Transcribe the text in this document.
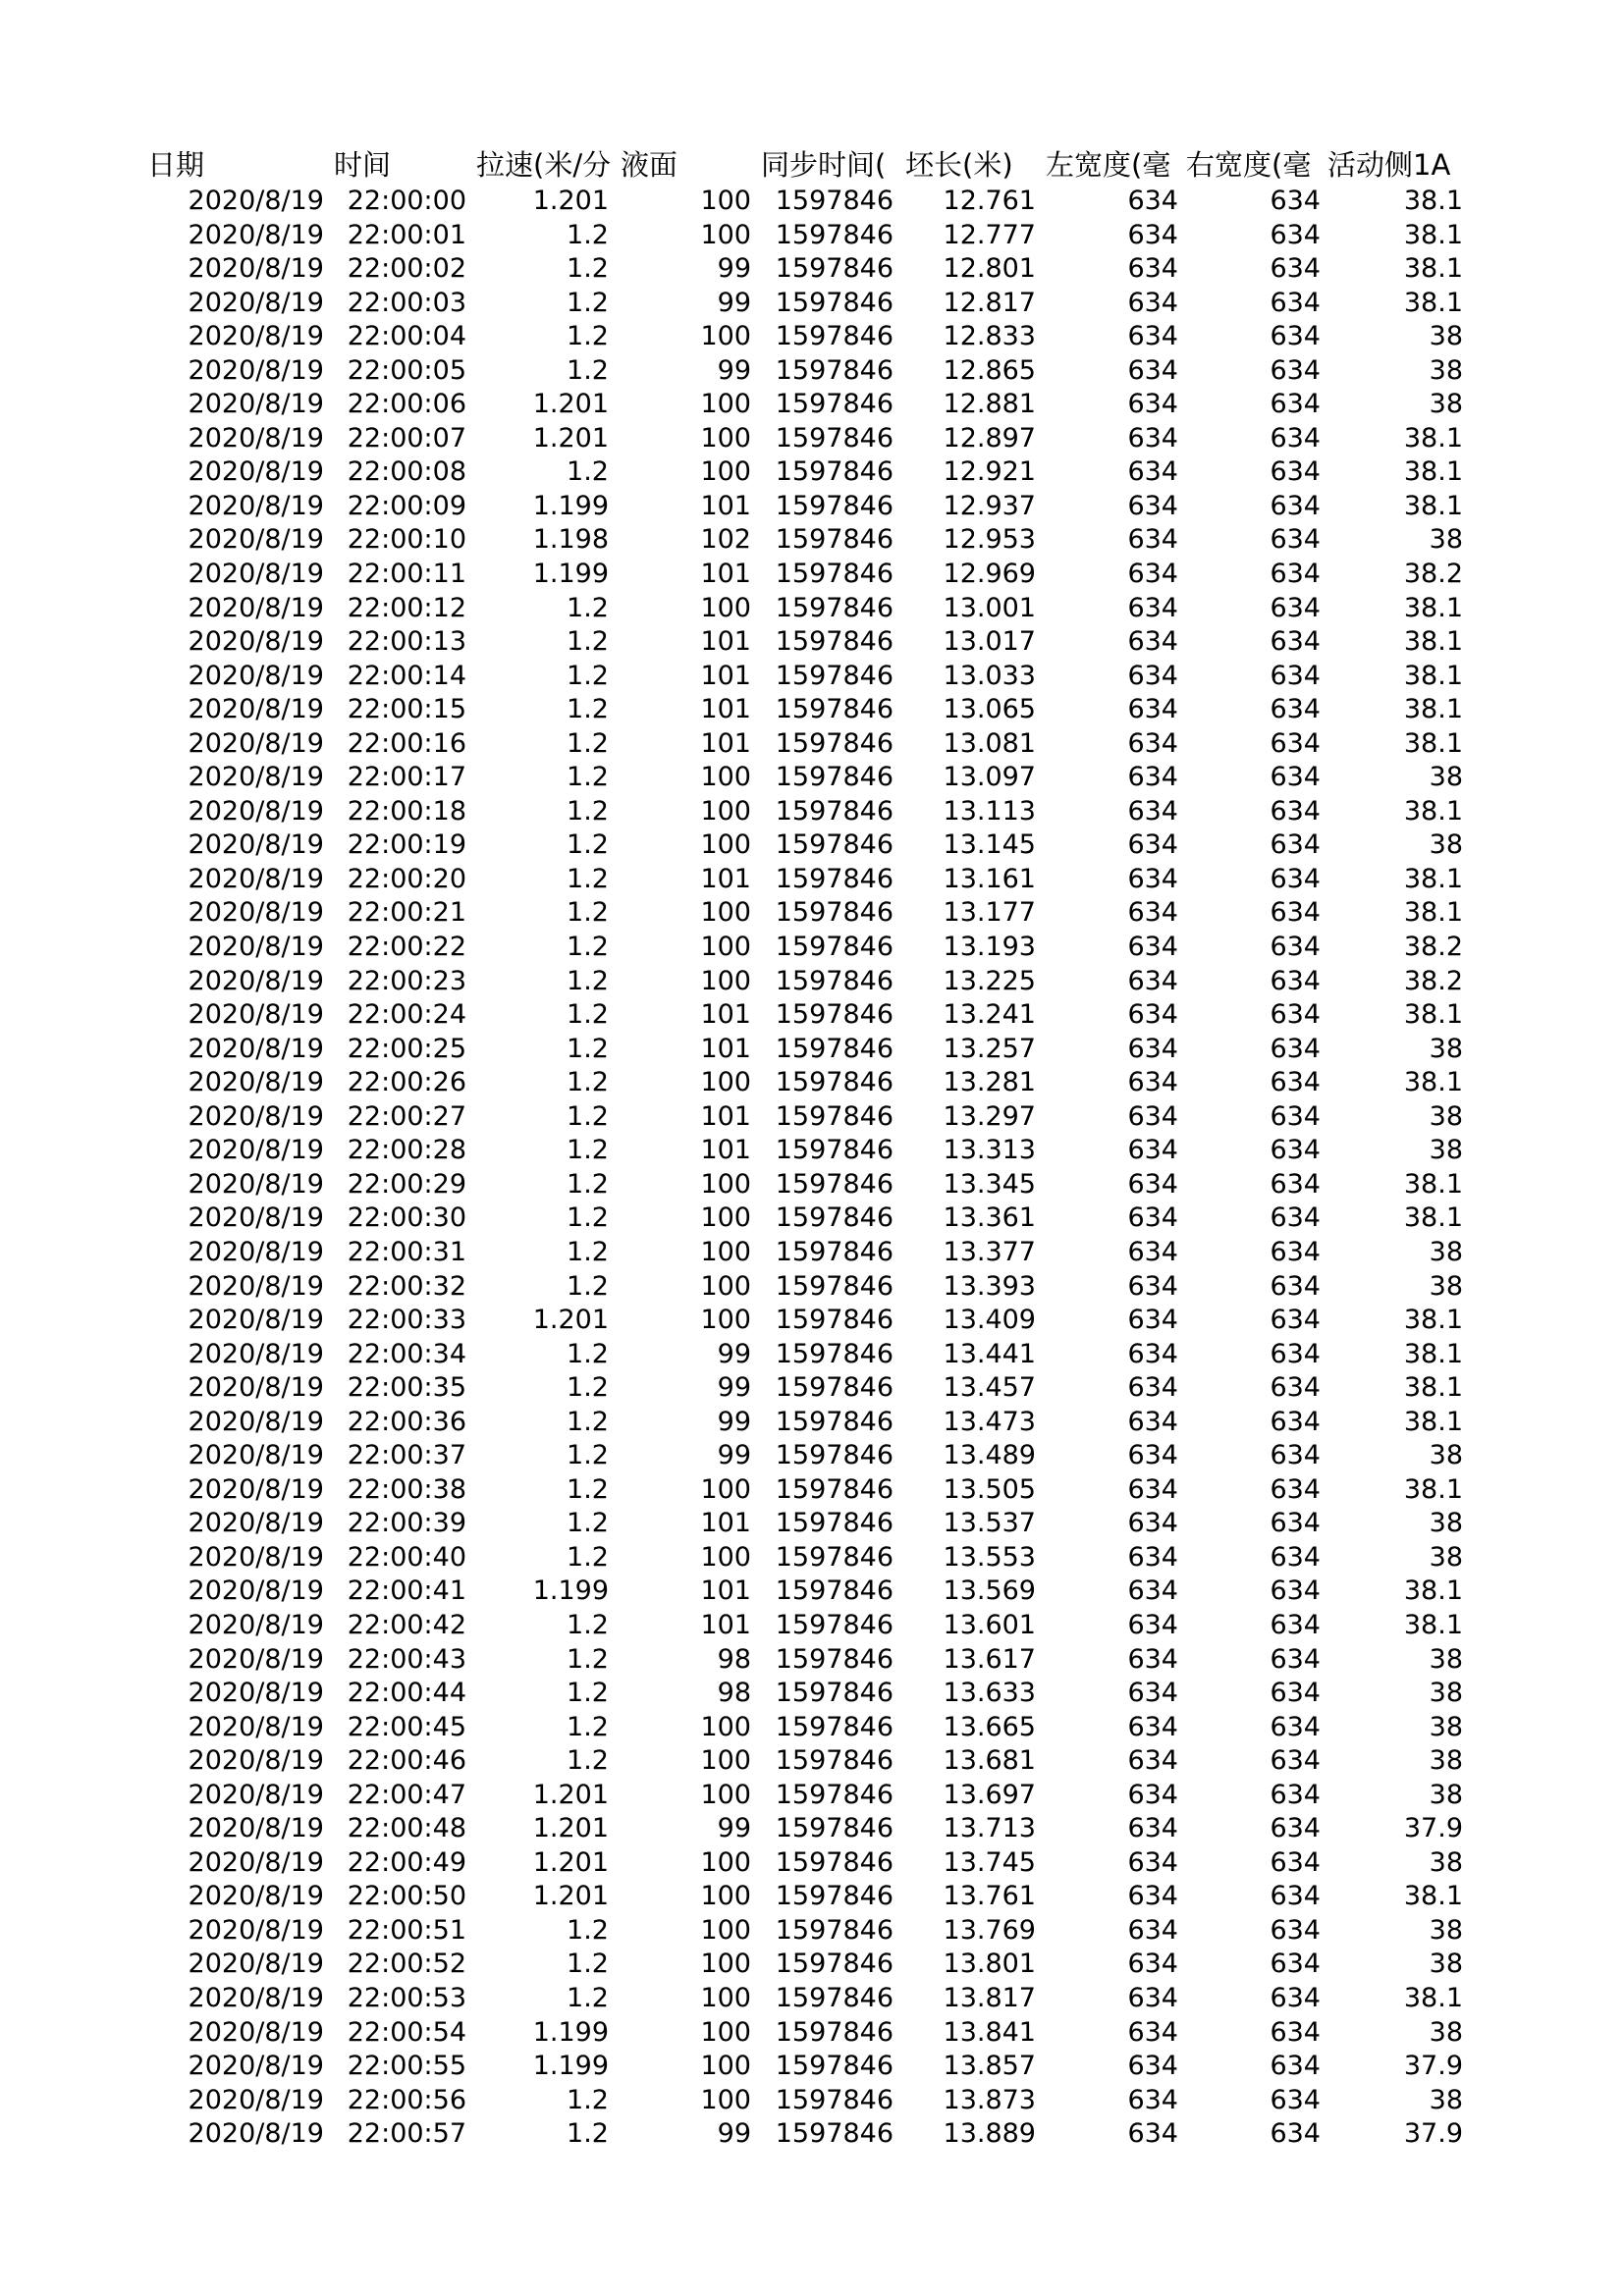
日期	时间	拉速(米/分 液面	同步时间( 坯长(米)	左宽度(毫 右宽度(毫 活动侧1A
2020/8/19 22:00:00	1.201	100 1597846	12.761	634	634	38.1
2020/8/19 22:00:01	1.2	100 1597846	12.777	634	634	38.1
2020/8/19 22:00:02	1.2	99 1597846	12.801	634	634	38.1
2020/8/19 22:00:03	1.2	99 1597846	12.817	634	634	38.1
2020/8/19 22:00:04	1.2	100 1597846	12.833	634	634	38
2020/8/19 22:00:05	1.2	99 1597846	12.865	634	634	38
2020/8/19 22:00:06	1.201	100 1597846	12.881	634	634	38
2020/8/19 22:00:07	1.201	100 1597846	12.897	634	634	38.1
2020/8/19 22:00:08	1.2	100 1597846	12.921	634	634	38.1
2020/8/19 22:00:09	1.199	101 1597846	12.937	634	634	38.1
2020/8/19 22:00:10	1.198	102 1597846	12.953	634	634	38
2020/8/19 22:00:11	1.199	101 1597846	12.969	634	634	38.2
2020/8/19 22:00:12	1.2	100 1597846	13.001	634	634	38.1
2020/8/19 22:00:13	1.2	101 1597846	13.017	634	634	38.1
2020/8/19 22:00:14	1.2	101 1597846	13.033	634	634	38.1
2020/8/19 22:00:15	1.2	101 1597846	13.065	634	634	38.1
2020/8/19 22:00:16	1.2	101 1597846	13.081	634	634	38.1
2020/8/19 22:00:17	1.2	100 1597846	13.097	634	634	38
2020/8/19 22:00:18	1.2	100 1597846	13.113	634	634	38.1
2020/8/19 22:00:19	1.2	100 1597846	13.145	634	634	38
2020/8/19 22:00:20	1.2	101 1597846	13.161	634	634	38.1
2020/8/19 22:00:21	1.2	100 1597846	13.177	634	634	38.1
2020/8/19 22:00:22	1.2	100 1597846	13.193	634	634	38.2
2020/8/19 22:00:23	1.2	100 1597846	13.225	634	634	38.2
2020/8/19 22:00:24	1.2	101 1597846	13.241	634	634	38.1
2020/8/19 22:00:25	1.2	101 1597846	13.257	634	634	38
2020/8/19 22:00:26	1.2	100 1597846	13.281	634	634	38.1
2020/8/19 22:00:27	1.2	101 1597846	13.297	634	634	38
2020/8/19 22:00:28	1.2	101 1597846	13.313	634	634	38
2020/8/19 22:00:29	1.2	100 1597846	13.345	634	634	38.1
2020/8/19 22:00:30	1.2	100 1597846	13.361	634	634	38.1
2020/8/19 22:00:31	1.2	100 1597846	13.377	634	634	38
2020/8/19 22:00:32	1.2	100 1597846	13.393	634	634	38
2020/8/19 22:00:33	1.201	100 1597846	13.409	634	634	38.1
2020/8/19 22:00:34	1.2	99 1597846	13.441	634	634	38.1
2020/8/19 22:00:35	1.2	99 1597846	13.457	634	634	38.1
2020/8/19 22:00:36	1.2	99 1597846	13.473	634	634	38.1
2020/8/19 22:00:37	1.2	99 1597846	13.489	634	634	38
2020/8/19 22:00:38	1.2	100 1597846	13.505	634	634	38.1
2020/8/19 22:00:39	1.2	101 1597846	13.537	634	634	38
2020/8/19 22:00:40	1.2	100 1597846	13.553	634	634	38
2020/8/19 22:00:41	1.199	101 1597846	13.569	634	634	38.1
2020/8/19 22:00:42	1.2	101 1597846	13.601	634	634	38.1
2020/8/19 22:00:43	1.2	98 1597846	13.617	634	634	38
2020/8/19 22:00:44	1.2	98 1597846	13.633	634	634	38
2020/8/19 22:00:45	1.2	100 1597846	13.665	634	634	38
2020/8/19 22:00:46	1.2	100 1597846	13.681	634	634	38
2020/8/19 22:00:47	1.201	100 1597846	13.697	634	634	38
2020/8/19 22:00:48	1.201	99 1597846	13.713	634	634	37.9
2020/8/19 22:00:49	1.201	100 1597846	13.745	634	634	38
2020/8/19 22:00:50	1.201	100 1597846	13.761	634	634	38.1
2020/8/19 22:00:51	1.2	100 1597846	13.769	634	634	38
2020/8/19 22:00:52	1.2	100 1597846	13.801	634	634	38
2020/8/19 22:00:53	1.2	100 1597846	13.817	634	634	38.1
2020/8/19 22:00:54	1.199	100 1597846	13.841	634	634	38
2020/8/19 22:00:55	1.199	100 1597846	13.857	634	634	37.9
2020/8/19 22:00:56	1.2	100 1597846	13.873	634	634	38
2020/8/19 22:00:57	1.2	99 1597846	13.889	634	634	37.9
